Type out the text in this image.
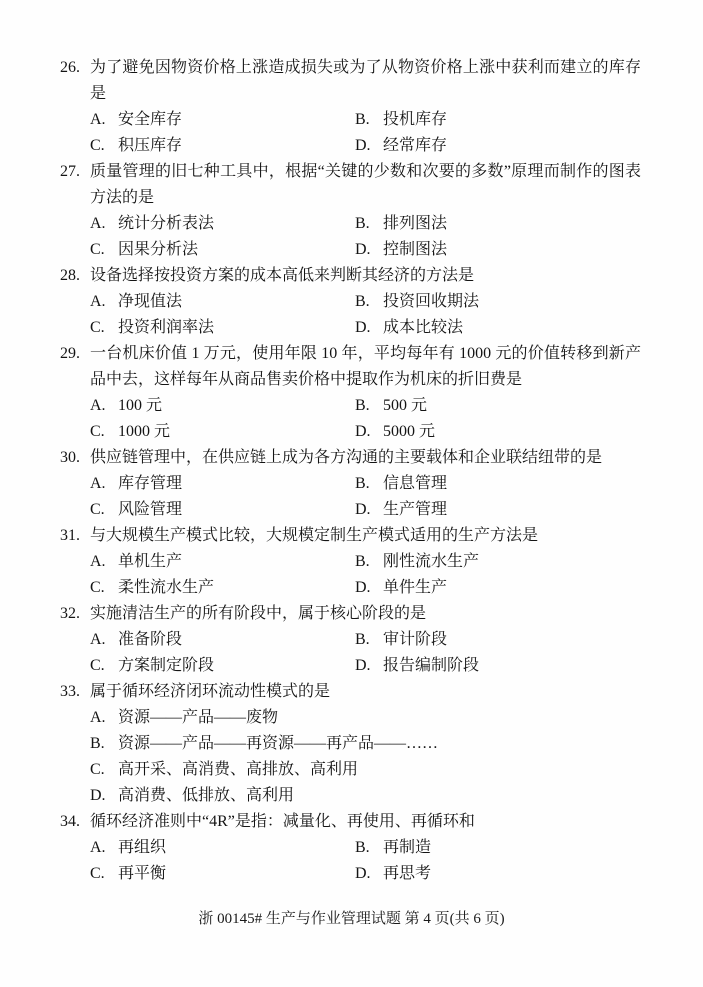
26. 为了避免因物资价格上涨造成损失或为了从物资价格上涨中获利而建立的库存是
A. 安全库存	B. 投机库存
C. 积压库存	D. 经常库存
27. 质量管理的旧七种工具中，根据“关键的少数和次要的多数”原理而制作的图表方法的是
A. 统计分析表法	B. 排列图法
C. 因果分析法	D. 控制图法
28. 设备选择按投资方案的成本高低来判断其经济的方法是
A. 净现值法	B. 投资回收期法
C. 投资利润率法	D. 成本比较法
29. 一台机床价值 1 万元，使用年限 10 年，平均每年有 1000 元的价值转移到新产品中去，这样每年从商品售卖价格中提取作为机床的折旧费是
A. 100 元	B. 500 元
C. 1000 元	D. 5000 元
30. 供应链管理中，在供应链上成为各方沟通的主要载体和企业联结纽带的是
A. 库存管理	B. 信息管理
C. 风险管理	D. 生产管理
31. 与大规模生产模式比较，大规模定制生产模式适用的生产方法是
A. 单机生产	B. 刚性流水生产
C. 柔性流水生产	D. 单件生产
32. 实施清洁生产的所有阶段中，属于核心阶段的是
A. 准备阶段	B. 审计阶段
C. 方案制定阶段	D. 报告编制阶段
33. 属于循环经济闭环流动性模式的是
A. 资源——产品——废物
B. 资源——产品——再资源——再产品——……
C. 高开采、高消费、高排放、高利用
D. 高消费、低排放、高利用
34. 循环经济准则中“4R”是指：减量化、再使用、再循环和
A. 再组织	B. 再制造
C. 再平衡	D. 再思考
浙 00145# 生产与作业管理试题 第 4 页(共 6 页)
